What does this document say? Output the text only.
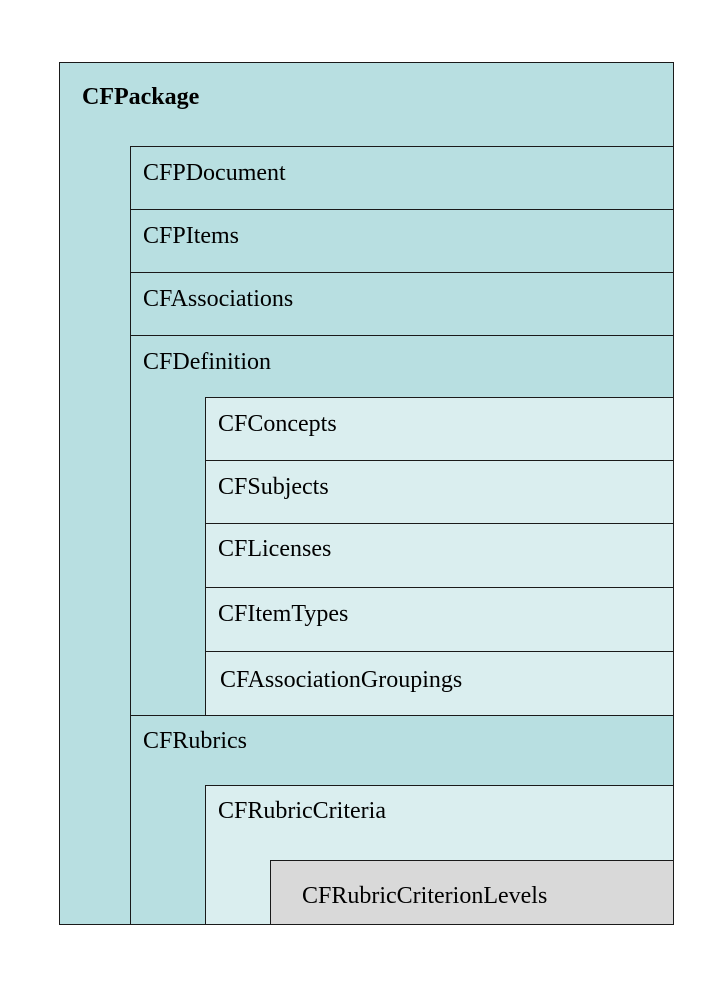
CFPackage
CFPDocument
CFPItems
CFAssociations
CFDefinition
CFConcepts
CFSubjects
CFLicenses
CFItemTypes
CFAssociationGroupings
CFRubrics
CFRubricCriteria
CFRubricCriterionLevels
